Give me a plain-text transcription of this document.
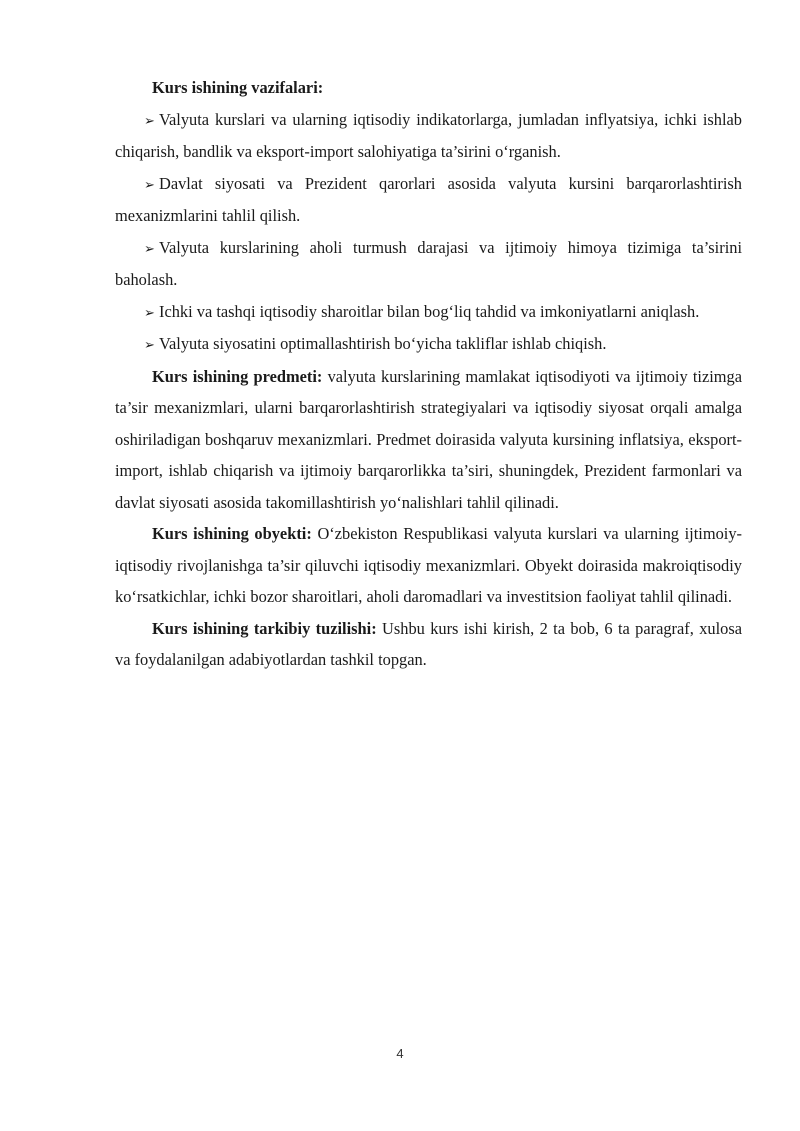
Kurs ishining vazifalari:

➢ Valyuta kurslari va ularning iqtisodiy indikatorlarga, jumladan inflyatsiya, ichki ishlab chiqarish, bandlik va eksport-import salohiyatiga ta’sirini o‘rganish.

➢ Davlat siyosati va Prezident qarorlari asosida valyuta kursini barqarorlashtirish mexanizmlarini tahlil qilish.

➢ Valyuta kurslarining aholi turmush darajasi va ijtimoiy himoya tizimiga ta’sirini baholash.

➢ Ichki va tashqi iqtisodiy sharoitlar bilan bog‘liq tahdid va imkoniyatlarni aniqlash.

➢ Valyuta siyosatini optimallashtirish bo‘yicha takliflar ishlab chiqish.

Kurs ishining predmeti: valyuta kurslarining mamlakat iqtisodiyoti va ijtimoiy tizimga ta’sir mexanizmlari, ularni barqarorlashtirish strategiyalari va iqtisodiy siyosat orqali amalga oshiriladigan boshqaruv mexanizmlari. Predmet doirasida valyuta kursining inflatsiya, eksport-import, ishlab chiqarish va ijtimoiy barqarorlikka ta’siri, shuningdek, Prezident farmonlari va davlat siyosati asosida takomillashtirish yo‘nalishlari tahlil qilinadi.

Kurs ishining obyekti: O‘zbekiston Respublikasi valyuta kurslari va ularning ijtimoiy-iqtisodiy rivojlanishga ta’sir qiluvchi iqtisodiy mexanizmlari. Obyekt doirasida makroiqtisodiy ko‘rsatkichlar, ichki bozor sharoitlari, aholi daromadlari va investitsion faoliyat tahlil qilinadi.

Kurs ishining tarkibiy tuzilishi: Ushbu kurs ishi kirish, 2 ta bob, 6 ta paragraf, xulosa va foydalanilgan adabiyotlardan tashkil topgan.

4
